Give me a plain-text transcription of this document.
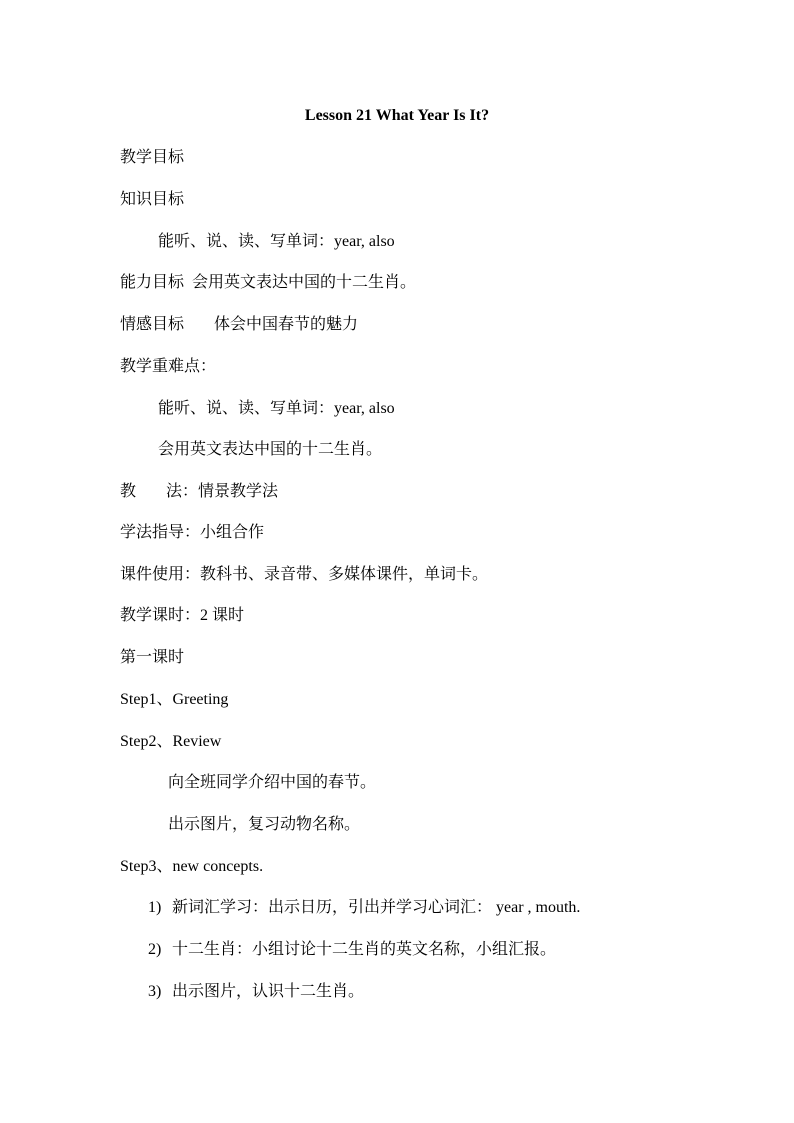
Lesson 21 What Year Is It?
教学目标
知识目标
能听、说、读、写单词：year, also
能力目标 会用英文表达中国的十二生肖。
情感目标 体会中国春节的魅力
教学重难点：
能听、说、读、写单词：year, also
会用英文表达中国的十二生肖。
教 法：情景教学法
学法指导：小组合作
课件使用：教科书、录音带、多媒体课件，单词卡。
教学课时：2 课时
第一课时
Step1、Greeting
Step2、Review
向全班同学介绍中国的春节。
出示图片，复习动物名称。
Step3、new concepts.
1) 新词汇学习：出示日历，引出并学习心词汇： year , mouth.
2) 十二生肖：小组讨论十二生肖的英文名称，小组汇报。
3) 出示图片，认识十二生肖。
